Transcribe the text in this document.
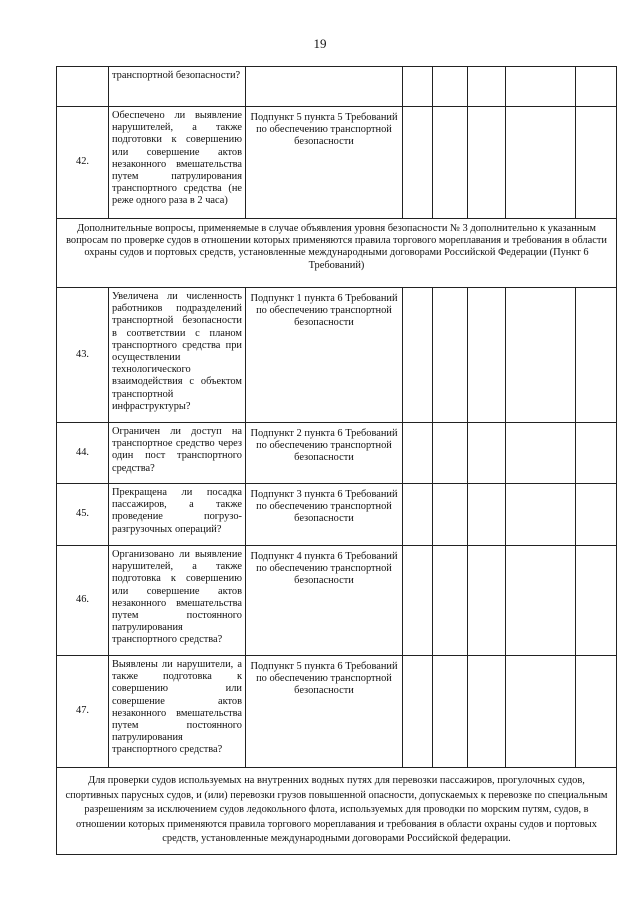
19
	транспортной безопасности?						
42.	Обеспечено ли выявление нарушителей, а также подготовки к совершению или совершение актов незаконного вмешательства путем патрулирования транспортного средства (не реже одного раза в 2 часа)	Подпункт 5 пункта 5 Требований по обеспечению транспортной безопасности					
Дополнительные вопросы, применяемые в случае объявления уровня безопасности № 3 дополнительно к указанным вопросам по проверке судов в отношении которых применяются правила торгового мореплавания и требования в области охраны судов и портовых средств, установленные международными договорами Российской Федерации (Пункт 6 Требований)							
43.	Увеличена ли численность работников подразделений транспортной безопасности в соответствии с планом транспортного средства при осуществлении технологического взаимодействия с объектом транспортной инфраструктуры?	Подпункт 1 пункта 6 Требований по обеспечению транспортной безопасности					
44.	Ограничен ли доступ на транспортное средство через один пост транспортного средства?	Подпункт 2 пункта 6 Требований по обеспечению транспортной безопасности					
45.	Прекращена ли посадка пассажиров, а также проведение погрузо-разгрузочных операций?	Подпункт 3 пункта 6 Требований по обеспечению транспортной безопасности					
46.	Организовано ли выявление нарушителей, а также подготовка к совершению или совершение актов незаконного вмешательства путем постоянного патрулирования транспортного средства?	Подпункт 4 пункта 6 Требований по обеспечению транспортной безопасности					
47.	Выявлены ли нарушители, а также подготовка к совершению или совершение актов незаконного вмешательства путем постоянного патрулирования транспортного средства?	Подпункт 5 пункта 6 Требований по обеспечению транспортной безопасности					
Для проверки судов используемых на внутренних водных путях для перевозки пассажиров, прогулочных судов, спортивных парусных судов, и (или) перевозки грузов повышенной опасности, допускаемых к перевозке по специальным разрешениям за исключением судов ледокольного флота, используемых для проводки по морским путям, судов, в отношении которых применяются правила торгового мореплавания и требования в области охраны судов и портовых средств, установленные международными договорами Российской федерации.							
